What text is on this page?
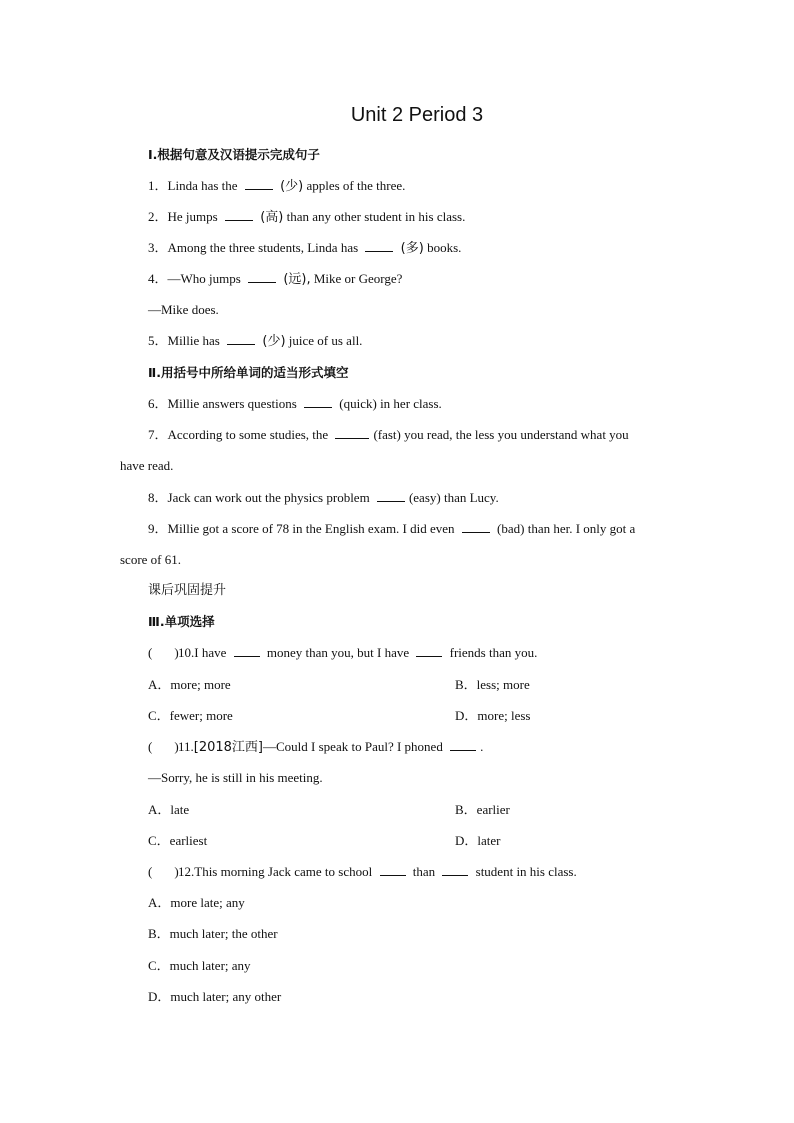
Unit 2 Period 3
Ⅰ.根据句意及汉语提示完成句子
1．Linda has the	(少) apples of the three.
2．He jumps	(高) than any other student in his class.
3．Among the three students, Linda has	(多) books.
4．—Who jumps	(远), Mike or George?
—Mike does.
5．Millie has	(少) juice of us all.
Ⅱ.用括号中所给单词的适当形式填空
6．Millie answers questions	(quick) in her class.
7．According to some studies, the	(fast) you read, the less you understand what you
have read.
8．Jack can work out the physics problem	(easy) than Lucy.
9．Millie got a score of 78 in the English exam. I did even	(bad) than her. I only got a
score of 61.
课后巩固提升
Ⅲ.单项选择
( )10.I have	money than you, but I have	friends than you.
A．more; more	B．less; more
C．fewer; more	D．more; less
( )11.[2018江西]—Could I speak to Paul? I phoned	.
—Sorry, he is still in his meeting.
A．late	B．earlier
C．earliest	D．later
( )12.This morning Jack came to school	than	student in his class.
A．more late; any
B．much later; the other
C．much later; any
D．much later; any other
